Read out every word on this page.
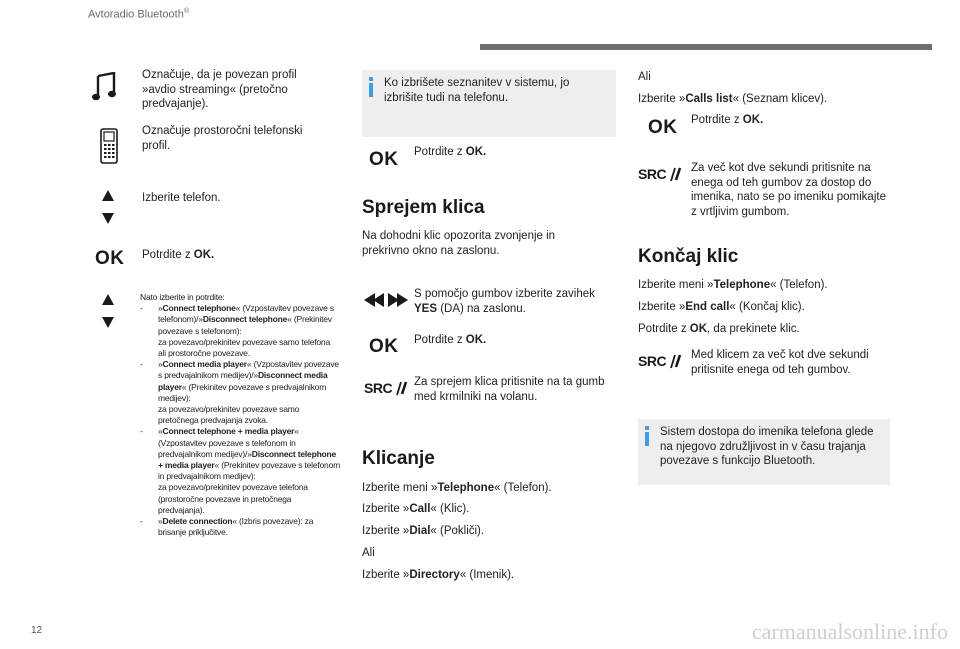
Avtoradio Bluetooth®
Označuje, da je povezan profil »avdio streaming« (pretočno predvajanje).
Označuje prostoročni telefonski profil.
Izberite telefon.
OK Potrdite z OK.
Nato izberite in potrdite:
- »Connect telephone« (Vzpostavitev povezave s telefonom)/»Disconnect telephone« (Prekinitev povezave s telefonom):
za povezavo/prekinitev povezave samo telefona ali prostoročne povezave.
- »Connect media player« (Vzpostavitev povezave s predvajalnikom medijev)/»Disconnect media player« (Prekinitev povezave s predvajalnikom medijev):
za povezavo/prekinitev povezave samo pretočnega predvajanja zvoka.
- »Connect telephone + media player« (Vzpostavitev povezave s telefonom in predvajalnikom medijev)/»Disconnect telephone + media player« (Prekinitev povezave s telefonom in predvajalnikom medijev):
za povezavo/prekinitev povezave telefona (prostoročne povezave in pretočnega predvajanja).
- »Delete connection« (Izbris povezave): za brisanje priključitve.
Ko izbrišete seznanitev v sistemu, jo izbrišite tudi na telefonu.
OK Potrdite z OK.
Sprejem klica
Na dohodni klic opozorita zvonjenje in prekrivno okno na zaslonu.
S pomočjo gumbov izberite zavihek YES (DA) na zaslonu.
OK Potrdite z OK.
SRC	Za sprejem klica pritisnite na ta gumb med krmilniki na volanu.
Klicanje
Izberite meni »Telephone« (Telefon).
Izberite »Call« (Klic).
Izberite »Dial« (Pokliči).
Ali
Izberite »Directory« (Imenik).
Ali
Izberite »Calls list« (Seznam klicev).
OK Potrdite z OK.
SRC	Za več kot dve sekundi pritisnite na enega od teh gumbov za dostop do imenika, nato se po imeniku pomikajte z vrtljivim gumbom.
Končaj klic
Izberite meni »Telephone« (Telefon).
Izberite »End call« (Končaj klic).
Potrdite z OK, da prekinete klic.
SRC	Med klicem za več kot dve sekundi pritisnite enega od teh gumbov.
Sistem dostopa do imenika telefona glede na njegovo združljivost in v času trajanja povezave s funkcijo Bluetooth.
12	carmanualsonline.info
